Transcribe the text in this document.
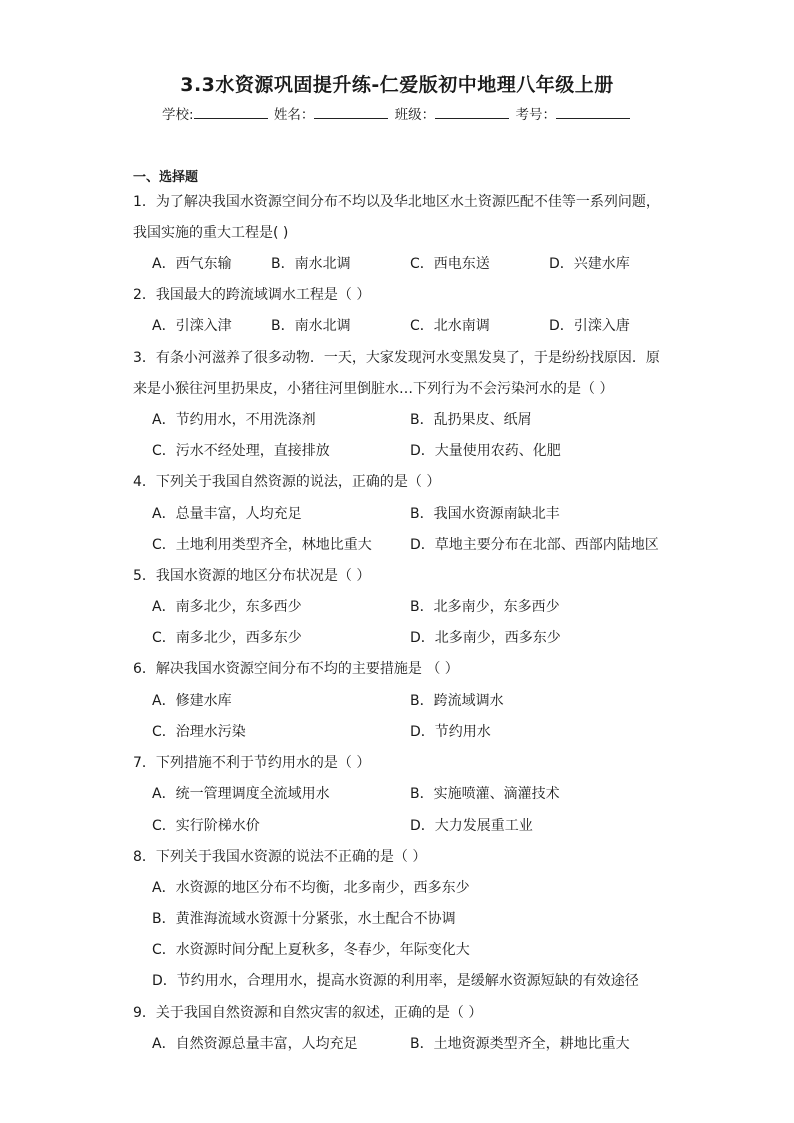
3.3水资源巩固提升练-仁爱版初中地理八年级上册
学校:	姓名：	班级：	考号：
一、选择题
1．为了解决我国水资源空间分布不均以及华北地区水土资源匹配不佳等一系列问题，
我国实施的重大工程是( )
A．西气东输	B．南水北调	C．西电东送	D．兴建水库
2．我国最大的跨流域调水工程是（ ）
A．引滦入津	B．南水北调	C．北水南调	D．引滦入唐
3．有条小河滋养了很多动物．一天，大家发现河水变黑发臭了，于是纷纷找原因．原
来是小猴往河里扔果皮，小猪往河里倒脏水…下列行为不会污染河水的是（ ）
A．节约用水，不用洗涤剂	B．乱扔果皮、纸屑
C．污水不经处理，直接排放	D．大量使用农药、化肥
4．下列关于我国自然资源的说法，正确的是（ ）
A．总量丰富，人均充足	B．我国水资源南缺北丰
C．土地利用类型齐全，林地比重大	D．草地主要分布在北部、西部内陆地区
5．我国水资源的地区分布状况是（ ）
A．南多北少，东多西少	B．北多南少，东多西少
C．南多北少，西多东少	D．北多南少，西多东少
6．解决我国水资源空间分布不均的主要措施是 （ ）
A．修建水库	B．跨流域调水
C．治理水污染	D．节约用水
7．下列措施不利于节约用水的是（ ）
A．统一管理调度全流域用水	B．实施喷灌、滴灌技术
C．实行阶梯水价	D．大力发展重工业
8．下列关于我国水资源的说法不正确的是（ ）
A．水资源的地区分布不均衡，北多南少，西多东少
B．黄淮海流域水资源十分紧张，水土配合不协调
C．水资源时间分配上夏秋多，冬春少，年际变化大
D．节约用水，合理用水，提高水资源的利用率，是缓解水资源短缺的有效途径
9．关于我国自然资源和自然灾害的叙述，正确的是（ ）
A．自然资源总量丰富，人均充足	B．土地资源类型齐全，耕地比重大
